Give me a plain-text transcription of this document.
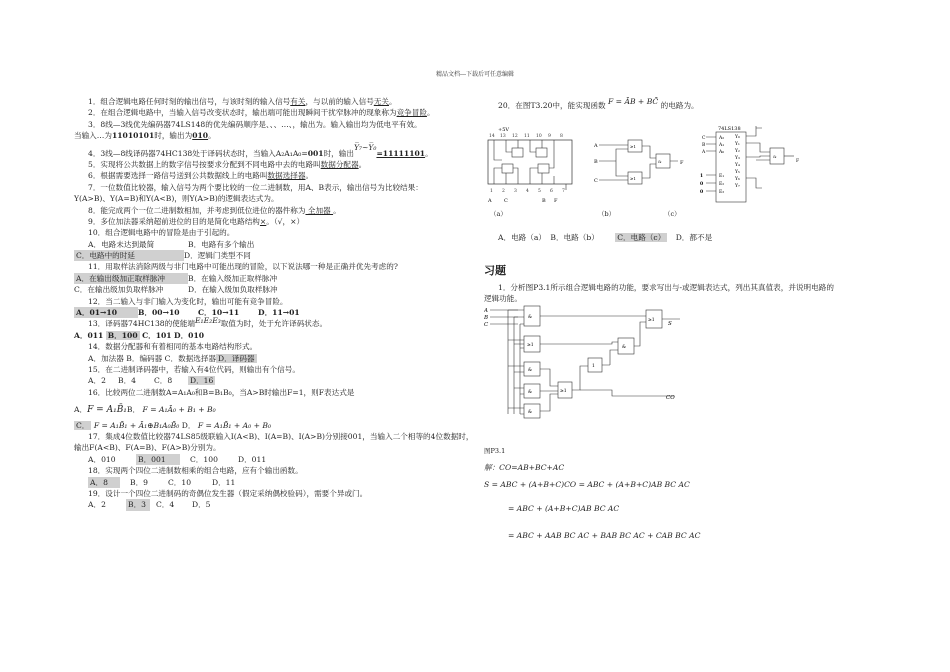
精品文档---下载后可任意编辑
1．组合逻辑电路任何时刻的输出信号，与该时刻的输入信号有关，与以前的输入信号无关。
2．在组合逻辑电路中，当输入信号改变状态时，输出端可能出现瞬间干扰窄脉冲的现象称为竞争冒险。
3．8线—3线优先编码器74LS148的优先编码顺序是、、、…、，输出为。输入输出均为低电平有效。
当输入…为11010101时，输出为010。
4．3线—8线译码器74HC138处于译码状态时，当输入A₂A₁A₀=001时，输出Y̅₇~Y̅₀=11111101。
5．实现将公共数据上的数字信号按要求分配到不同电路中去的电路叫数据分配器。
6．根据需要选择一路信号送到公共数据线上的电路叫数据选择器。
7．一位数值比较器，输入信号为两个要比较的一位二进制数，用A、B表示，输出信号为比较结果：
Y(A>B)、Y(A=B)和Y(A<B)，则Y(A>B)的逻辑表达式为。
8．能完成两个一位二进制数相加，并考虑到低位进位的器件称为 全加器 。
9．多位加法器采纳超前进位的目的是简化电路结构×。（√，×）
10．组合逻辑电路中的冒险是由于引起的。
A．电路未达到最简	B．电路有多个输出
C．电路中的时延	D．逻辑门类型不同
11．用取样法消除两级与非门电路中可能出现的冒险，以下说法哪一种是正确并优先考虑的?
A．在输出级加正取样脉冲	B．在输入级加正取样脉冲
C．在输出级加负取样脉冲	D．在输入级加负取样脉冲
12．当二输入与非门输入为变化时，输出可能有竞争冒险。
A．01→10	B．00→10 C．10→11 D．11→01
13．译码器74HC138的使能端E₁E₂E₃取值为时，处于允许译码状态。
A．011 B．100 C．101 D．010
14．数据分配器和有着相同的基本电路结构形式。
A．加法器 B．编码器 C．数据选择器 D．译码器
15．在二进制译码器中，若输入有4位代码，则输出有个信号。
A．2 B．4 C．8 D．16
16．比较两位二进制数A=A₁A₀和B=B₁B₀，当A>B时输出F=1，则F表达式是
A．F = A₁B̄₁B． F = A₁Ā₀ + B₁ + B₀
C． F = A₁B̄₁ + Ā₁⊕B₁A₀B̄₀ D． F = A₁B̄₁ + A₀ + B₀
17．集成4位数值比较器74LS85级联输入I(A<B)、I(A=B)、I(A>B)分别接001，当输入二个相等的4位数据时，
输出F(A<B)、F(A=B)、F(A>B)分别为。
A．010	B．001	C．100	D．011
18．实现两个四位二进制数相乘的组合电路，应有个输出函数。
A．8	B．9	C．10	D．11
19．设计一个四位二进制码的奇偶位发生器（假定采纳偶校验码），需要个异或门。
A．2	B．3 C．4 D．5
20．在图T3.20中，能实现函数 F = ĀB + BC̄ 的电路为。
+5V
14 13 12 11 10 9 8
1 2 3 4 5 6 7
A C	B F
（a）
A
B
C
F
≥1
≥1
&
（b）
74LS138
C	A₂
B	A₁
A	A₀
1	E₁
0	E₂
0	E₃
Y₀
Y₁
Y₂
Y₃
Y₄
Y₅
Y₆
Y₇
F
&
（c）
A．电路（a） B．电路（b） C．电路（c） D．都不是
习题
1．分析图P3.1所示组合逻辑电路的功能，要求写出与-或逻辑表达式，列出其真值表，并说明电路的
逻辑功能。
A
B
C
&
≥1
&
&
&
≥1
1
&
≥1
S
CO
图P3.1
解：CO=AB+BC+AC
S = ABC + (A+B+C)CO = ABC + (A+B+C)AB BC AC
= ABC + (A+B+C)AB BC AC
= ABC + AAB BC AC + BAB BC AC + CAB BC AC
